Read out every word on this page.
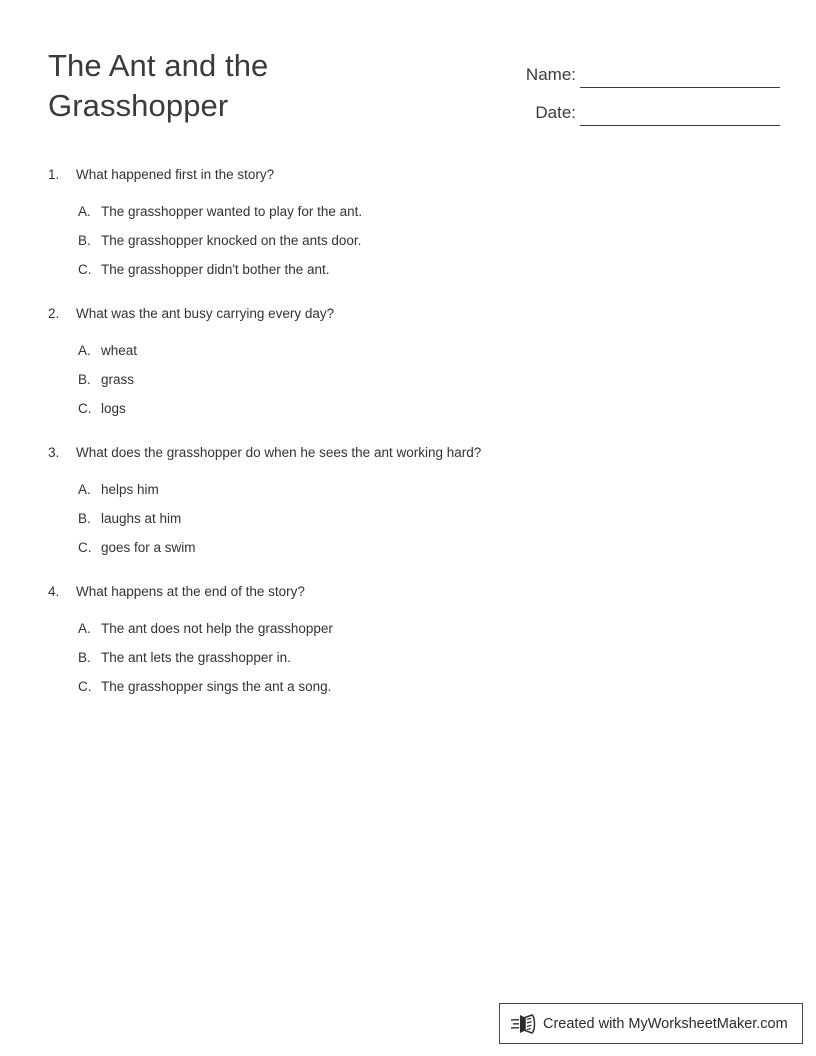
The Ant and the Grasshopper
Name:
Date:
1.	What happened first in the story?
A. The grasshopper wanted to play for the ant.
B. The grasshopper knocked on the ants door.
C. The grasshopper didn't bother the ant.
2.	What was the ant busy carrying every day?
A. wheat
B. grass
C. logs
3.	What does the grasshopper do when he sees the ant working hard?
A. helps him
B. laughs at him
C. goes for a swim
4.	What happens at the end of the story?
A. The ant does not help the grasshopper
B. The ant lets the grasshopper in.
C. The grasshopper sings the ant a song.
Created with MyWorksheetMaker.com
